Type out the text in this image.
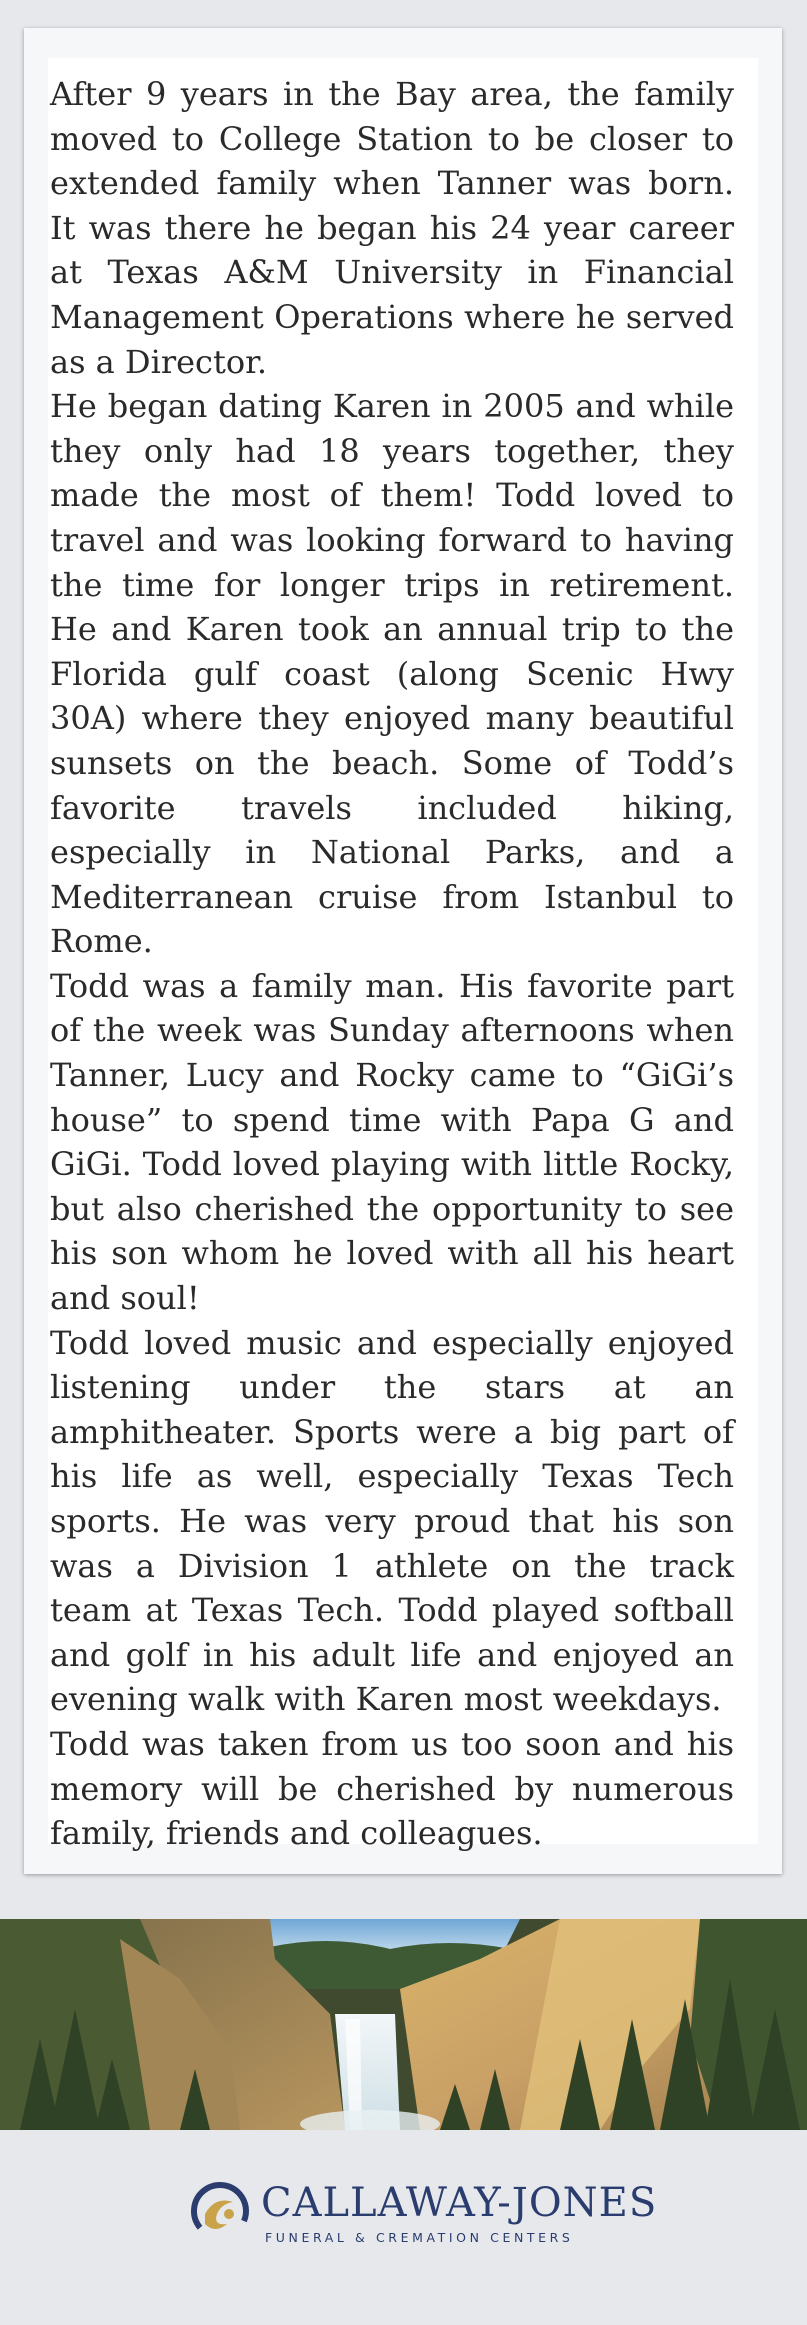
After 9 years in the Bay area, the family moved to College Station to be closer to extended family when Tanner was born. It was there he began his 24 year career at Texas A&M University in Financial Management Operations where he served as a Director.

He began dating Karen in 2005 and while they only had 18 years together, they made the most of them! Todd loved to travel and was looking forward to having the time for longer trips in retirement. He and Karen took an annual trip to the Florida gulf coast (along Scenic Hwy 30A) where they enjoyed many beautiful sunsets on the beach. Some of Todd’s favorite travels included hiking, especially in National Parks, and a Mediterranean cruise from Istanbul to Rome.

Todd was a family man. His favorite part of the week was Sunday afternoons when Tanner, Lucy and Rocky came to “GiGi’s house” to spend time with Papa G and GiGi. Todd loved playing with little Rocky, but also cherished the opportunity to see his son whom he loved with all his heart and soul!

Todd loved music and especially enjoyed listening under the stars at an amphitheater. Sports were a big part of his life as well, especially Texas Tech sports. He was very proud that his son was a Division 1 athlete on the track team at Texas Tech. Todd played softball and golf in his adult life and enjoyed an evening walk with Karen most weekdays.

Todd was taken from us too soon and his memory will be cherished by numerous family, friends and colleagues.

CALLAWAY-JONES
FUNERAL & CREMATION CENTERS
